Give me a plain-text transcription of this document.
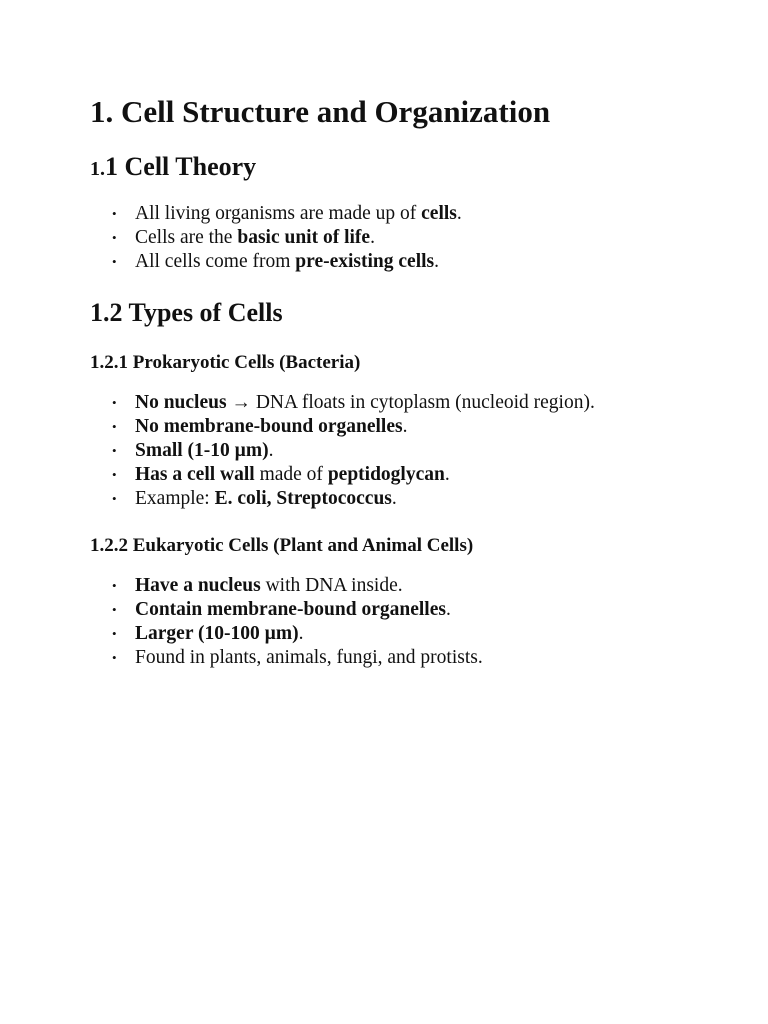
1. Cell Structure and Organization
1.1 Cell Theory
• All living organisms are made up of cells.
• Cells are the basic unit of life.
• All cells come from pre-existing cells.
1.2 Types of Cells
1.2.1 Prokaryotic Cells (Bacteria)
• No nucleus → DNA floats in cytoplasm (nucleoid region).
• No membrane-bound organelles.
• Small (1-10 µm).
• Has a cell wall made of peptidoglycan.
• Example: E. coli, Streptococcus.
1.2.2 Eukaryotic Cells (Plant and Animal Cells)
• Have a nucleus with DNA inside.
• Contain membrane-bound organelles.
• Larger (10-100 µm).
• Found in plants, animals, fungi, and protists.
